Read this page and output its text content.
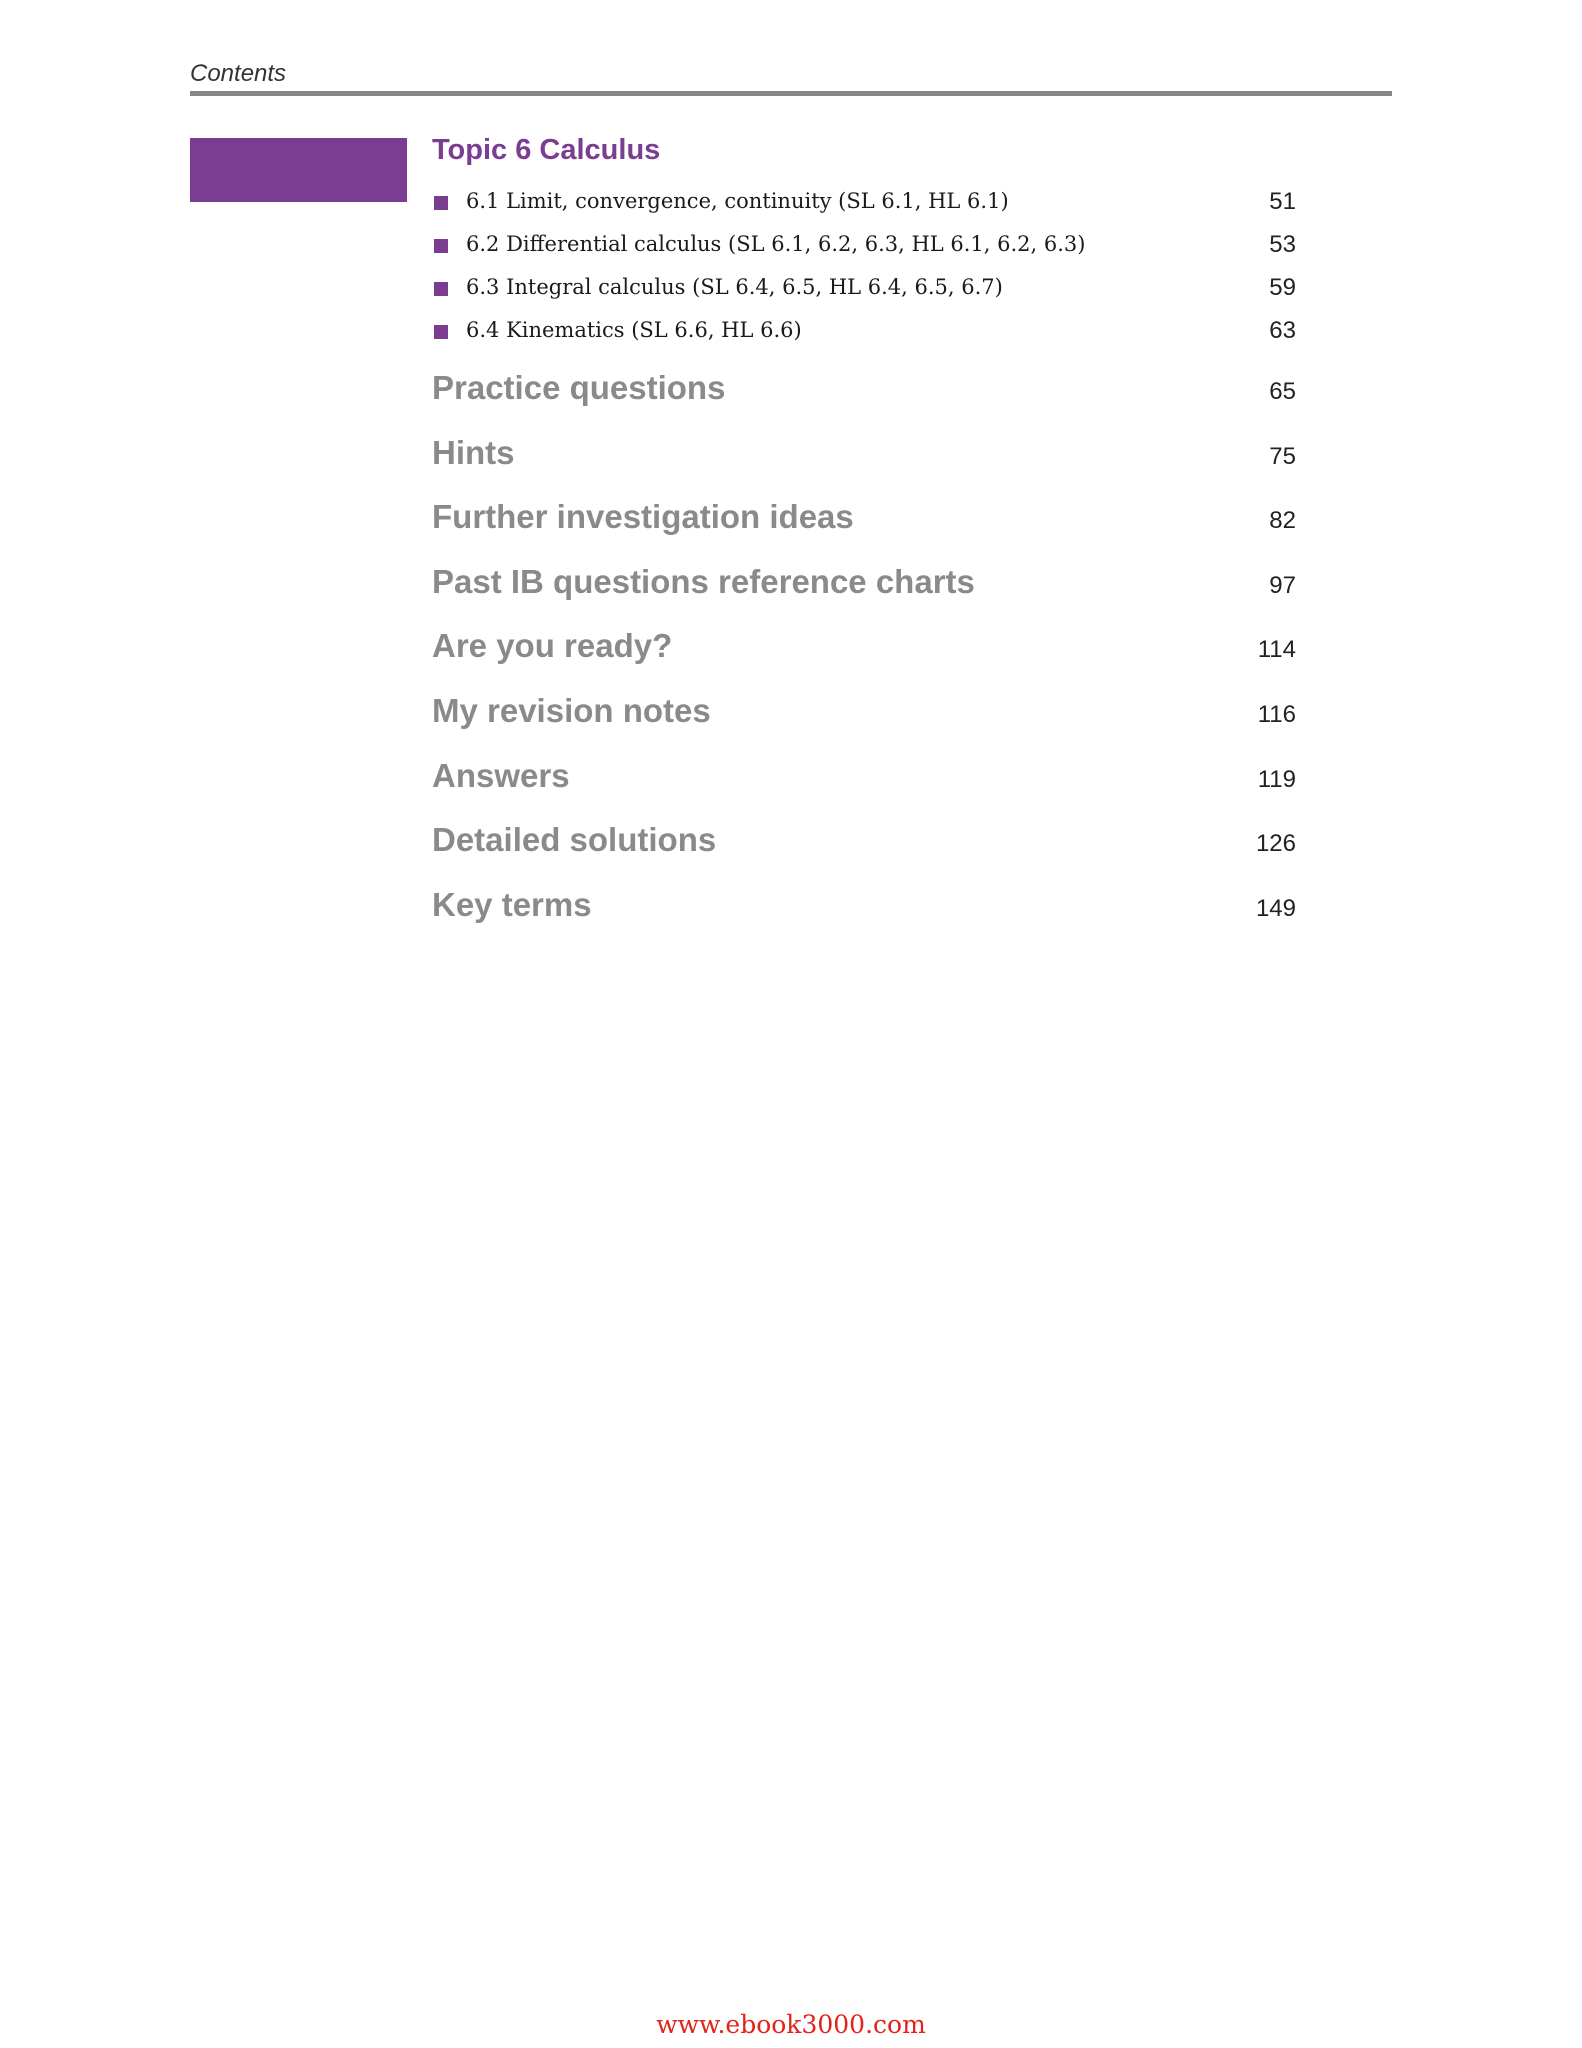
Contents
Topic 6 Calculus
6.1 Limit, convergence, continuity (SL 6.1, HL 6.1)	51
6.2 Differential calculus (SL 6.1, 6.2, 6.3, HL 6.1, 6.2, 6.3)	53
6.3 Integral calculus (SL 6.4, 6.5, HL 6.4, 6.5, 6.7)	59
6.4 Kinematics (SL 6.6, HL 6.6)	63
Practice questions	65
Hints	75
Further investigation ideas	82
Past IB questions reference charts	97
Are you ready?	114
My revision notes	116
Answers	119
Detailed solutions	126
Key terms	149
www.ebook3000.com
